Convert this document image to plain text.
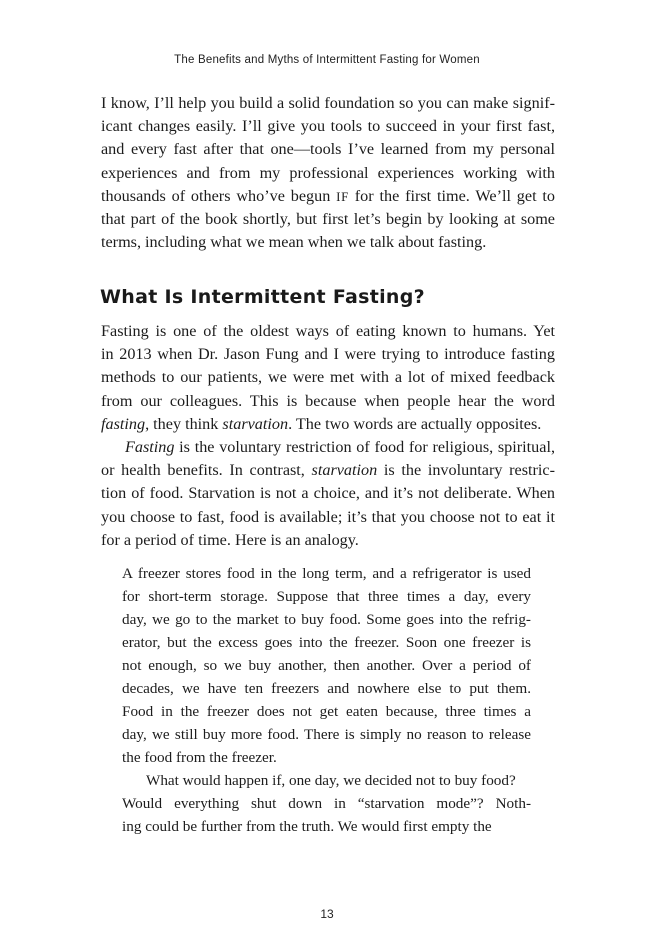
The Benefits and Myths of Intermittent Fasting for Women
I know, I’ll help you build a solid foundation so you can make signif-
icant changes easily. I’ll give you tools to succeed in your first fast,
and every fast after that one—tools I’ve learned from my personal
experiences and from my professional experiences working with
thousands of others who’ve begun IF for the first time. We’ll get to
that part of the book shortly, but first let’s begin by looking at some
terms, including what we mean when we talk about fasting.
What Is Intermittent Fasting?
Fasting is one of the oldest ways of eating known to humans. Yet
in 2013 when Dr. Jason Fung and I were trying to introduce fasting
methods to our patients, we were met with a lot of mixed feedback
from our colleagues. This is because when people hear the word
fasting, they think starvation. The two words are actually opposites.
Fasting is the voluntary restriction of food for religious, spiritual,
or health benefits. In contrast, starvation is the involuntary restric-
tion of food. Starvation is not a choice, and it’s not deliberate. When
you choose to fast, food is available; it’s that you choose not to eat it
for a period of time. Here is an analogy.
A freezer stores food in the long term, and a refrigerator is used
for short-term storage. Suppose that three times a day, every
day, we go to the market to buy food. Some goes into the refrig-
erator, but the excess goes into the freezer. Soon one freezer is
not enough, so we buy another, then another. Over a period of
decades, we have ten freezers and nowhere else to put them.
Food in the freezer does not get eaten because, three times a
day, we still buy more food. There is simply no reason to release
the food from the freezer.
What would happen if, one day, we decided not to buy food?
Would everything shut down in “starvation mode”? Noth-
ing could be further from the truth. We would first empty the
13
